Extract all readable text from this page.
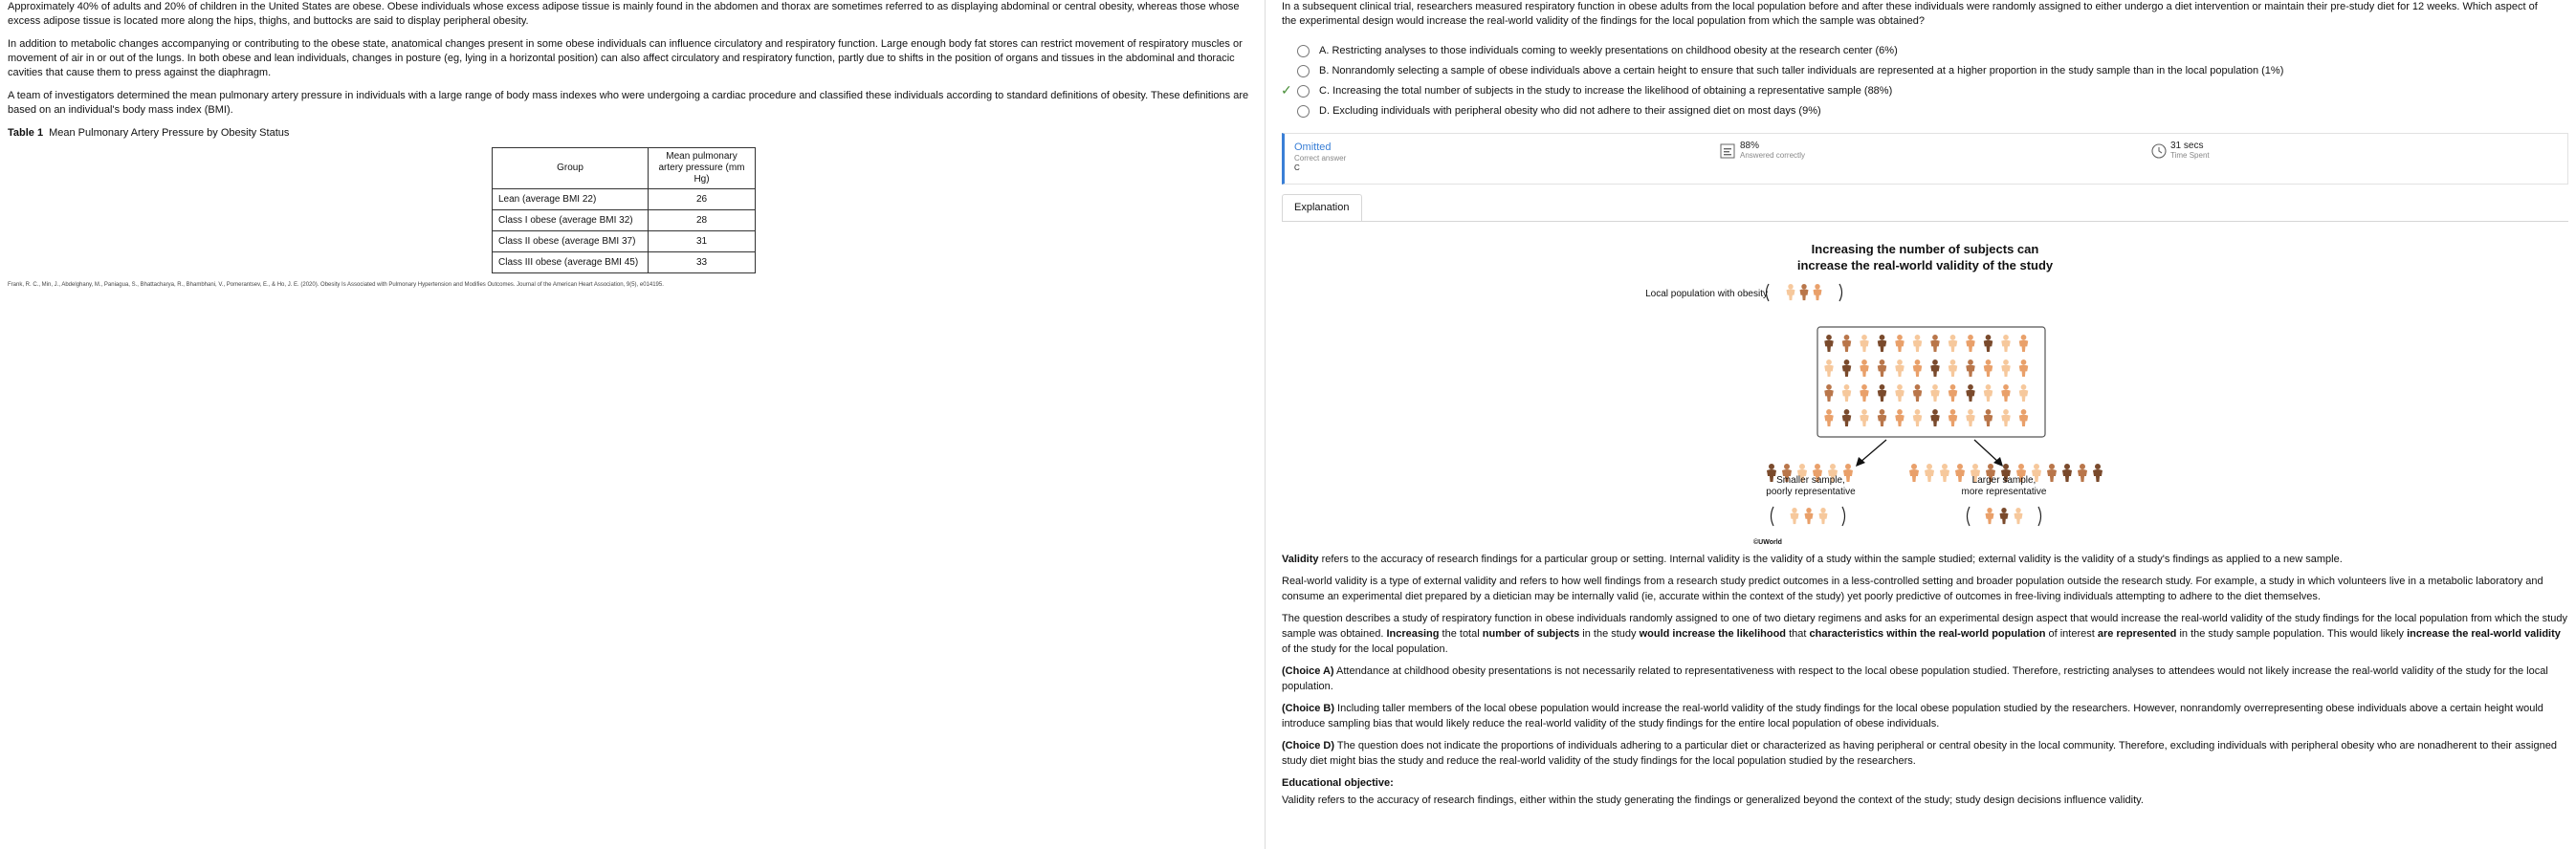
Approximately 40% of adults and 20% of children in the United States are obese. Obese individuals whose excess adipose tissue is mainly found in the abdomen and thorax are sometimes referred to as displaying abdominal or central obesity, whereas those whose excess adipose tissue is located more along the hips, thighs, and buttocks are said to display peripheral obesity.

In addition to metabolic changes accompanying or contributing to the obese state, anatomical changes present in some obese individuals can influence circulatory and respiratory function. Large enough body fat stores can restrict movement of respiratory muscles or movement of air in or out of the lungs. In both obese and lean individuals, changes in posture (eg, lying in a horizontal position) can also affect circulatory and respiratory function, partly due to shifts in the position of organs and tissues in the abdominal and thoracic cavities that cause them to press against the diaphragm.

A team of investigators determined the mean pulmonary artery pressure in individuals with a large range of body mass indexes who were undergoing a cardiac procedure and classified these individuals according to standard definitions of obesity. These definitions are based on an individual's body mass index (BMI).

Table 1 Mean Pulmonary Artery Pressure by Obesity Status
Group	Mean pulmonary artery pressure (mm Hg)
Lean (average BMI 22)	26
Class I obese (average BMI 32)	28
Class II obese (average BMI 37)	31
Class III obese (average BMI 45)	33
Frank, R. C., Min, J., Abdelghany, M., Paniagua, S., Bhattacharya, R., Bhambhani, V., Pomerantsev, E., & Ho, J. E. (2020). Obesity Is Associated with Pulmonary Hypertension and Modifies Outcomes. Journal of the American Heart Association, 9(5), e014195.

In a subsequent clinical trial, researchers measured respiratory function in obese adults from the local population before and after these individuals were randomly assigned to either undergo a diet intervention or maintain their pre-study diet for 12 weeks. Which aspect of the experimental design would increase the real-world validity of the findings for the local population from which the sample was obtained?

A.
Restricting analyses to those individuals coming to weekly presentations on childhood obesity at the research center
(6%)
B.
Nonrandomly selecting a sample of obese individuals above a certain height to ensure that such taller individuals are represented at a higher proportion in the study sample than in the local population
(1%)
✓	C.
Increasing the total number of subjects in the study to increase the likelihood of obtaining a representative sample
(88%)
D.
Excluding individuals with peripheral obesity who did not adhere to their assigned diet on most days
(9%)
Omitted
Correct answer
C
88%
Answered correctly
31 secs
Time Spent
Explanation
Increasing the number of subjects can
increase the real-world validity of the study
Local population with obesity
Smaller sample,
poorly representative
Larger sample,
more representative
©UWorld

Validity refers to the accuracy of research findings for a particular group or setting. Internal validity is the validity of a study within the sample studied; external validity is the validity of a study's findings as applied to a new sample.

Real-world validity is a type of external validity and refers to how well findings from a research study predict outcomes in a less-controlled setting and broader population outside the research study. For example, a study in which volunteers live in a metabolic laboratory and consume an experimental diet prepared by a dietician may be internally valid (ie, accurate within the context of the study) yet poorly predictive of outcomes in free-living individuals attempting to adhere to the diet themselves.

The question describes a study of respiratory function in obese individuals randomly assigned to one of two dietary regimens and asks for an experimental design aspect that would increase the real-world validity of the study findings for the local population from which the study sample was obtained. Increasing the total number of subjects in the study would increase the likelihood that characteristics within the real-world population of interest are represented in the study sample population. This would likely increase the real-world validity of the study for the local population.

(Choice A) Attendance at childhood obesity presentations is not necessarily related to representativeness with respect to the local obese population studied. Therefore, restricting analyses to attendees would not likely increase the real-world validity of the study for the local population.

(Choice B) Including taller members of the local obese population would increase the real-world validity of the study findings for the local obese population studied by the researchers. However, nonrandomly overrepresenting obese individuals above a certain height would introduce sampling bias that would likely reduce the real-world validity of the study findings for the entire local population of obese individuals.

(Choice D) The question does not indicate the proportions of individuals adhering to a particular diet or characterized as having peripheral or central obesity in the local community. Therefore, excluding individuals with peripheral obesity who are nonadherent to their assigned study diet might bias the study and reduce the real-world validity of the study findings for the local population studied by the researchers.

Educational objective:

Validity refers to the accuracy of research findings, either within the study generating the findings or generalized beyond the context of the study; study design decisions influence validity.
